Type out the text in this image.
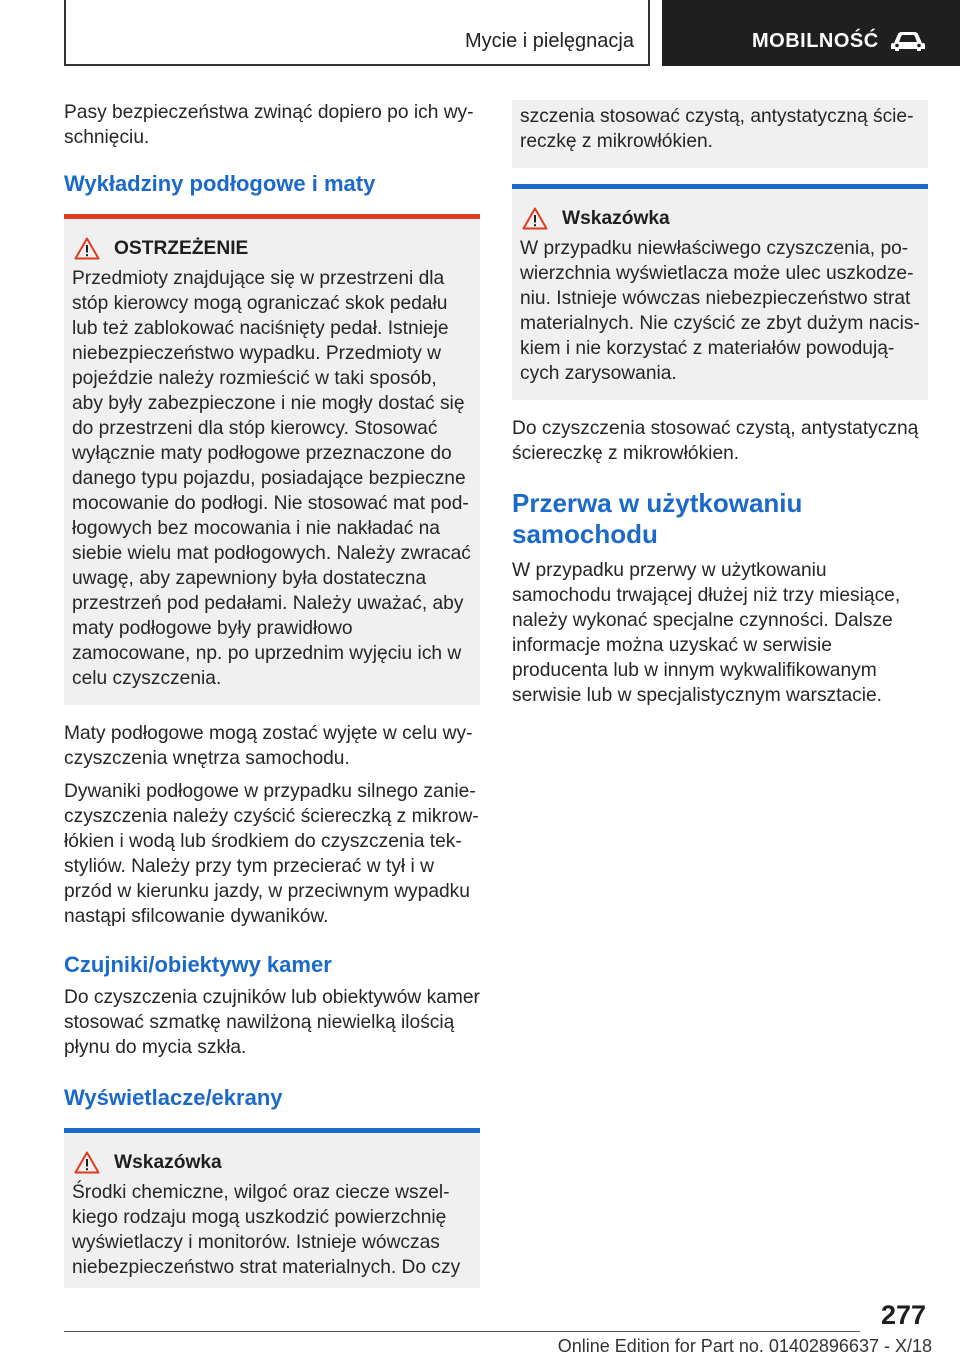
Mycie i pielęgnacja	MOBILNOŚĆ

Pasy bezpieczeństwa zwinąć dopiero po ich wyschnięciu.

Wykładziny podłogowe i maty
OSTRZEŻENIE

Przedmioty znajdujące się w przestrzeni dla stóp kierowcy mogą ograniczać skok pedału lub też zablokować naciśnięty pedał. Istnieje niebezpieczeństwo wypadku. Przedmioty w pojeździe należy rozmieścić w taki sposób, aby były zabezpieczone i nie mogły dostać się do przestrzeni dla stóp kierowcy. Stosować wyłącznie maty podłogowe przeznaczone do danego typu pojazdu, posiadające bezpieczne mocowanie do podłogi. Nie stosować mat podłogowych bez mocowania i nie nakładać na siebie wielu mat podłogowych. Należy zwracać uwagę, aby zapewniony była dostateczna przestrzeń pod pedałami. Należy uważać, aby maty podłogowe były prawidłowo zamocowane, np. po uprzednim wyjęciu ich w celu czyszczenia.

Maty podłogowe mogą zostać wyjęte w celu wyczyszczenia wnętrza samochodu.

Dywaniki podłogowe w przypadku silnego zanieczyszczenia należy czyścić ściereczką z mikrowłókien i wodą lub środkiem do czyszczenia tekstyliów. Należy przy tym przecierać w tył i w przód w kierunku jazdy, w przeciwnym wypadku nastąpi sfilcowanie dywaników.

Czujniki/obiektywy kamer

Do czyszczenia czujników lub obiektywów kamer stosować szmatkę nawilżoną niewielką ilością płynu do mycia szkła.

Wyświetlacze/ekrany
Wskazówka

Środki chemiczne, wilgoć oraz ciecze wszelkiego rodzaju mogą uszkodzić powierzchnię wyświetlaczy i monitorów. Istnieje wówczas niebezpieczeństwo strat materialnych. Do czy

szczenia stosować czystą, antystatyczną ściereczkę z mikrowłókien.

Wskazówka

W przypadku niewłaściwego czyszczenia, powierzchnia wyświetlacza może ulec uszkodzeniu. Istnieje wówczas niebezpieczeństwo strat materialnych. Nie czyścić ze zbyt dużym naciskiem i nie korzystać z materiałów powodujących zarysowania.

Do czyszczenia stosować czystą, antystatyczną ściereczkę z mikrowłókien.

Przerwa w użytkowaniu samochodu

W przypadku przerwy w użytkowaniu samochodu trwającej dłużej niż trzy miesiące, należy wykonać specjalne czynności. Dalsze informacje można uzyskać w serwisie producenta lub w innym wykwalifikowanym serwisie lub w specjalistycznym warsztacie.

277
Online Edition for Part no. 01402896637 - X/18
